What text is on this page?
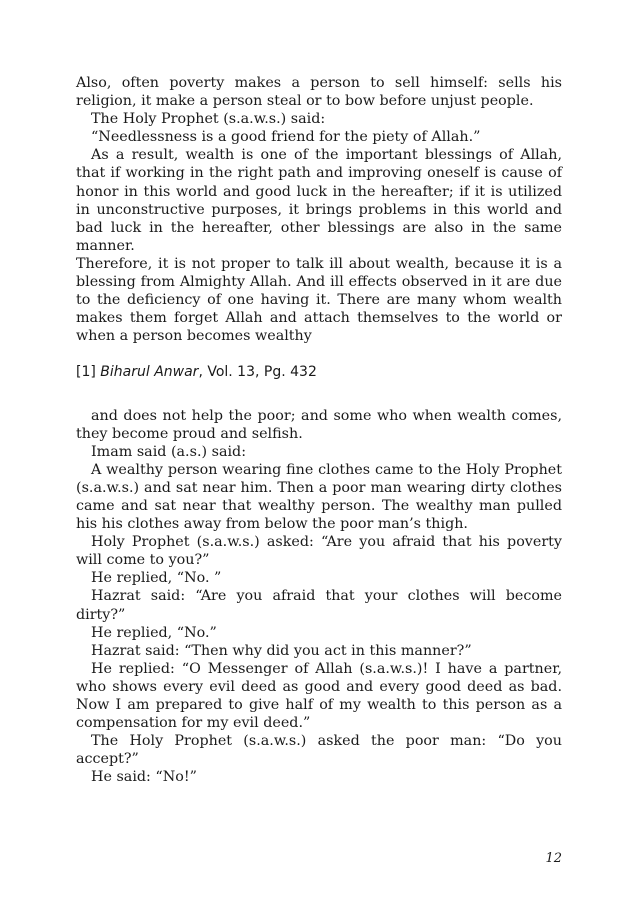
Also, often poverty makes a person to sell himself: sells his religion, it make a person steal or to bow before unjust people.

The Holy Prophet (s.a.w.s.) said:

“Needlessness is a good friend for the piety of Allah.”

As a result, wealth is one of the important blessings of Allah, that if working in the right path and improving oneself is cause of honor in this world and good luck in the hereafter; if it is utilized in unconstructive purposes, it brings problems in this world and bad luck in the hereafter, other blessings are also in the same manner.

Therefore, it is not proper to talk ill about wealth, because it is a blessing from Almighty Allah. And ill effects observed in it are due to the deficiency of one having it. There are many whom wealth makes them forget Allah and attach themselves to the world or when a person becomes wealthy

[1] Biharul Anwar, Vol. 13, Pg. 432

and does not help the poor; and some who when wealth comes, they become proud and selfish.

Imam said (a.s.) said:

A wealthy person wearing fine clothes came to the Holy Prophet (s.a.w.s.) and sat near him. Then a poor man wearing dirty clothes came and sat near that wealthy person. The wealthy man pulled his his clothes away from below the poor man’s thigh.

Holy Prophet (s.a.w.s.) asked: “Are you afraid that his poverty will come to you?”

He replied, “No. ”

Hazrat said: “Are you afraid that your clothes will become dirty?”

He replied, “No.”

Hazrat said: “Then why did you act in this manner?”

He replied: “O Messenger of Allah (s.a.w.s.)! I have a partner, who shows every evil deed as good and every good deed as bad. Now I am prepared to give half of my wealth to this person as a compensation for my evil deed.”

The Holy Prophet (s.a.w.s.) asked the poor man: “Do you accept?”

He said: “No!”

12
